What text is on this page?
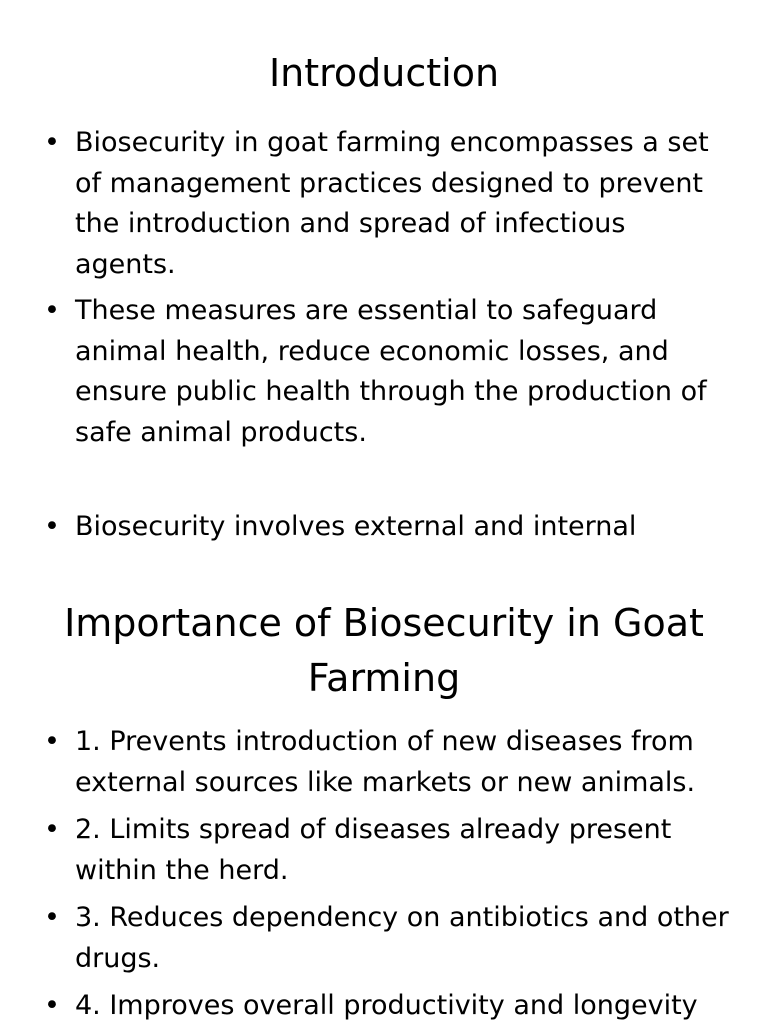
Introduction
• Biosecurity in goat farming encompasses a set of management practices designed to prevent the introduction and spread of infectious agents.
• These measures are essential to safeguard animal health, reduce economic losses, and ensure public health through the production of safe animal products.
• Biosecurity involves external and internal
Importance of Biosecurity in Goat Farming
• 1. Prevents introduction of new diseases from external sources like markets or new animals.
• 2. Limits spread of diseases already present within the herd.
• 3. Reduces dependency on antibiotics and other drugs.
• 4. Improves overall productivity and longevity
